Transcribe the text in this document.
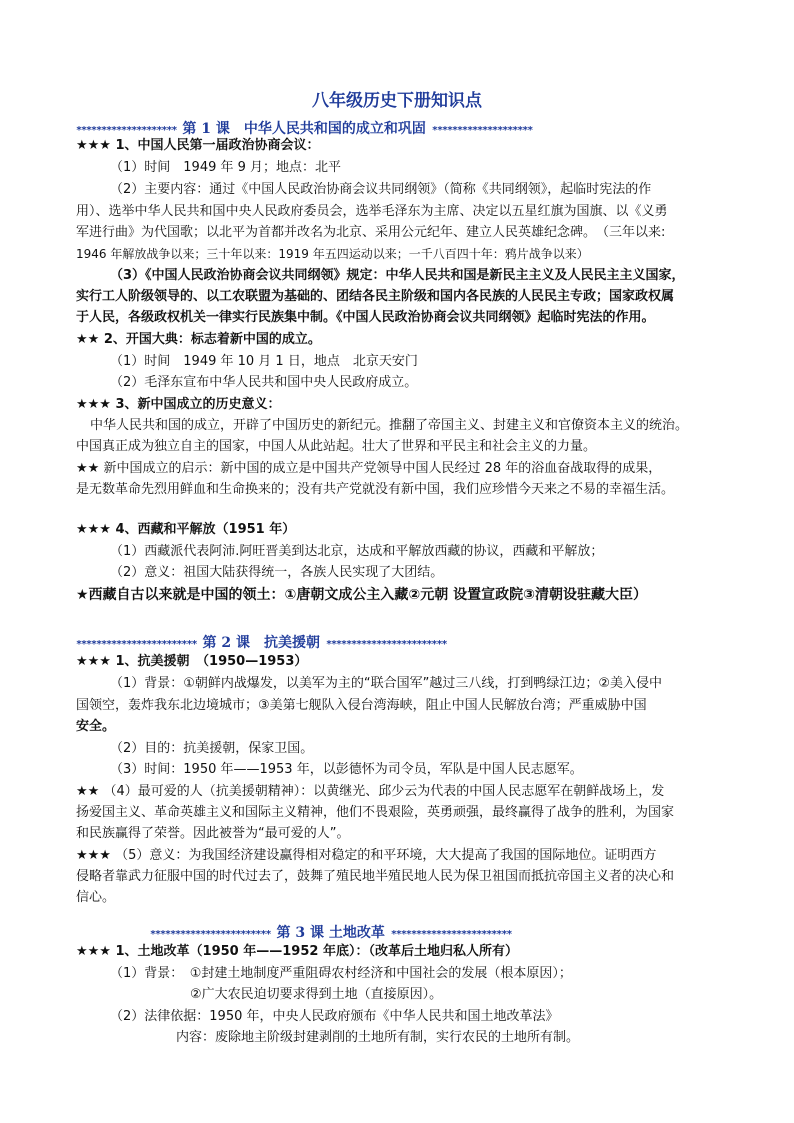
八年级历史下册知识点
******************** 第 1 课　中华人民共和国的成立和巩固 ********************
★★★ 1、中国人民第一届政治协商会议：
（1）时间　1949 年 9 月；地点：北平
（2）主要内容：通过《中国人民政治协商会议共同纲领》（简称《共同纲领》，起临时宪法的作
用）、选举中华人民共和国中央人民政府委员会，选举毛泽东为主席、决定以五星红旗为国旗、以《义勇
军进行曲》为代国歌；以北平为首都并改名为北京、采用公元纪年、建立人民英雄纪念碑。　（三年以来:
1946 年解放战争以来；三十年以来：1919 年五四运动以来；一千八百四十年：鸦片战争以来）
（3）《中国人民政治协商会议共同纲领》规定：中华人民共和国是新民主主义及人民民主主义国家，
实行工人阶级领导的、以工农联盟为基础的、团结各民主阶级和国内各民族的人民民主专政；国家政权属
于人民，各级政权机关一律实行民族集中制。《中国人民政治协商会议共同纲领》起临时宪法的作用。
★★ 2、开国大典：标志着新中国的成立。
（1）时间　1949 年 10 月 1 日，地点　北京天安门
（2）毛泽东宣布中华人民共和国中央人民政府成立。
★★★ 3、新中国成立的历史意义：
中华人民共和国的成立，开辟了中国历史的新纪元。推翻了帝国主义、封建主义和官僚资本主义的统治。
中国真正成为独立自主的国家，中国人从此站起。壮大了世界和平民主和社会主义的力量。
★★ 新中国成立的启示：新中国的成立是中国共产党领导中国人民经过 28 年的浴血奋战取得的成果，
是无数革命先烈用鲜血和生命换来的；没有共产党就没有新中国，我们应珍惜今天来之不易的幸福生活。
★★★ 4、西藏和平解放（1951 年）
（1）西藏派代表阿沛.阿旺晋美到达北京，达成和平解放西藏的协议，西藏和平解放；
（2）意义：祖国大陆获得统一，各族人民实现了大团结。
★西藏自古以来就是中国的领土：①唐朝文成公主入藏②元朝 设置宣政院③清朝设驻藏大臣）
************************ 第 2 课　抗美援朝 ************************
★★★ 1、抗美援朝　（1950—1953）
（1）背景：①朝鲜内战爆发，以美军为主的“联合国军”越过三八线，打到鸭绿江边；②美入侵中
国领空，轰炸我东北边境城市；③美第七舰队入侵台湾海峡，阻止中国人民解放台湾；严重威胁中国
安全。
（2）目的：抗美援朝，保家卫国。
（3）时间：1950 年——1953 年，以彭德怀为司令员，军队是中国人民志愿军。
★★ （4）最可爱的人（抗美援朝精神）：以黄继光、邱少云为代表的中国人民志愿军在朝鲜战场上，发
扬爱国主义、革命英雄主义和国际主义精神，他们不畏艰险，英勇顽强，最终赢得了战争的胜利，为国家
和民族赢得了荣誉。因此被誉为“最可爱的人”。
★★★ （5）意义：为我国经济建设赢得相对稳定的和平环境，大大提高了我国的国际地位。证明西方
侵略者靠武力征服中国的时代过去了，鼓舞了殖民地半殖民地人民为保卫祖国而抵抗帝国主义者的决心和
信心。
************************ 第 3 课 土地改革 ************************
★★★ 1、土地改革（1950 年——1952 年底）：（改革后土地归私人所有）
（1）背景：　①封建土地制度严重阻碍农村经济和中国社会的发展（根本原因）；
②广大农民迫切要求得到土地（直接原因）。
（2）法律依据：1950 年，中央人民政府颁布《中华人民共和国土地改革法》
内容：废除地主阶级封建剥削的土地所有制，实行农民的土地所有制。
